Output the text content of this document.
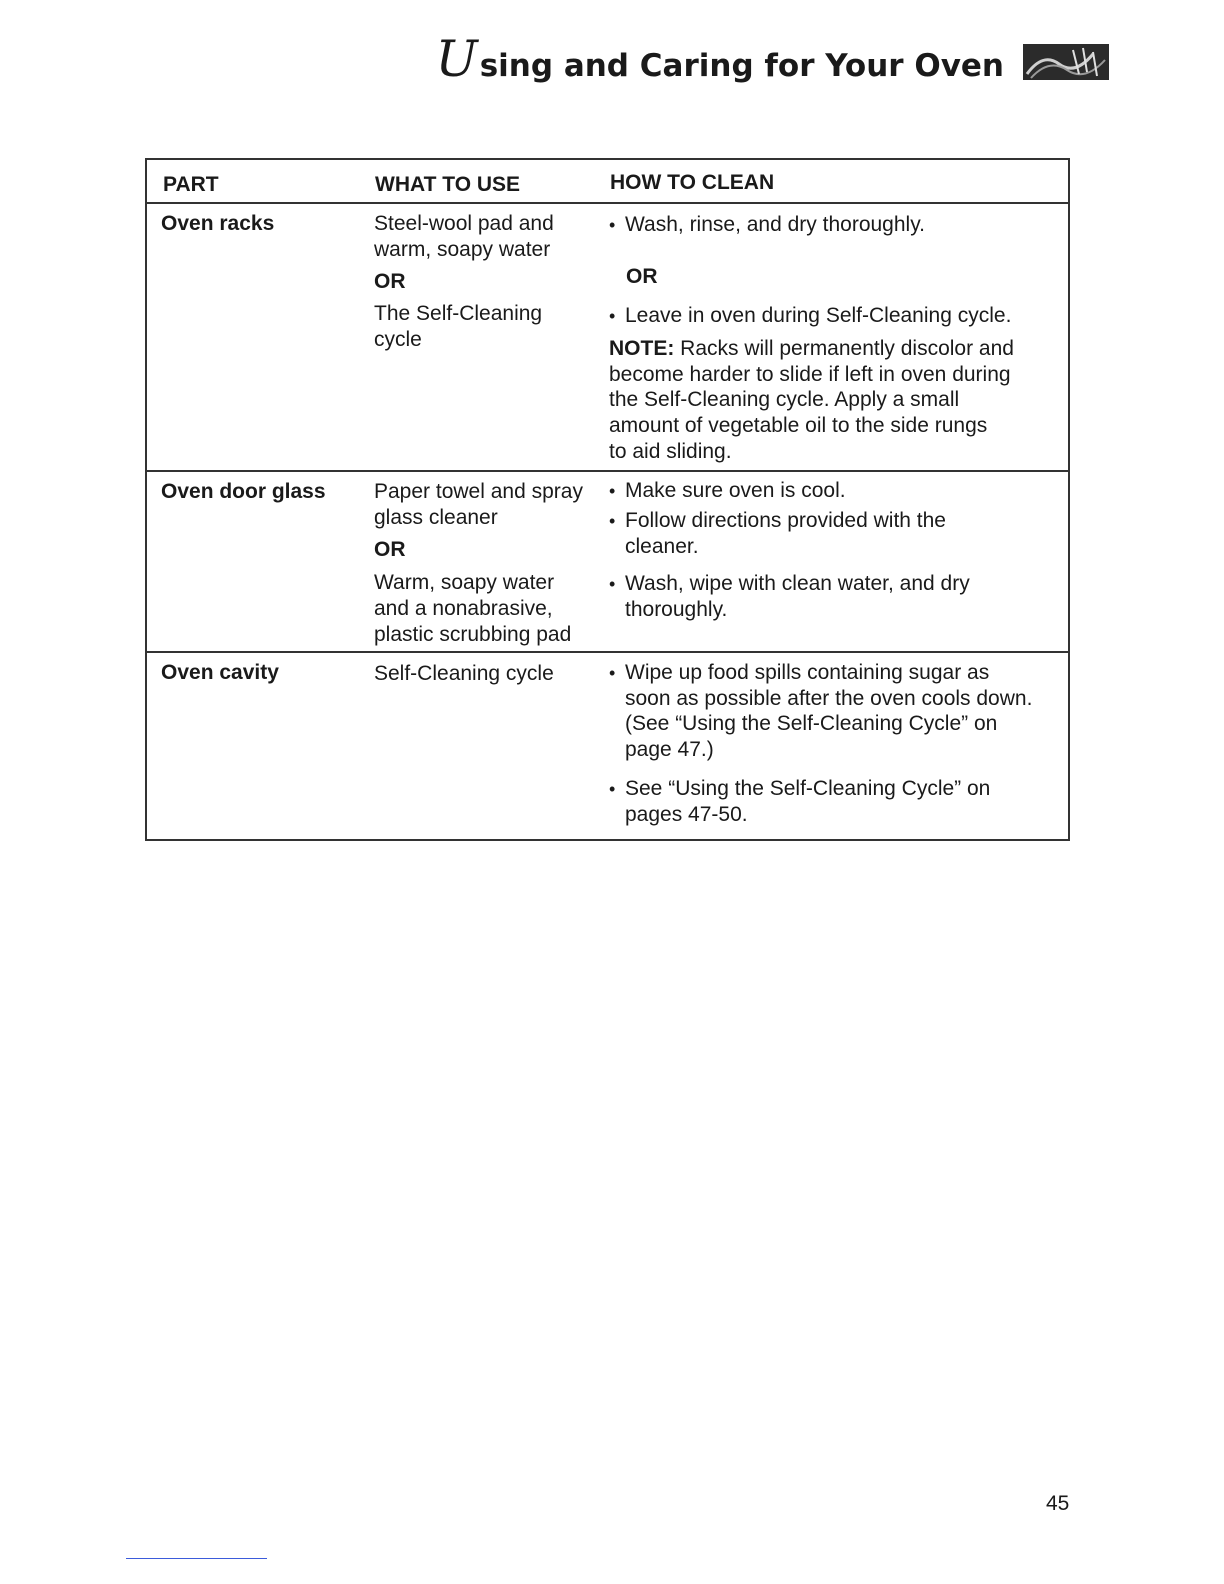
U sing and Caring for Your Oven
PART	WHAT TO USE	HOW TO CLEAN
Oven racks	Steel-wool pad and
warm, soapy water
OR
The Self-Cleaning
cycle
• Wash, rinse, and dry thoroughly.
OR
• Leave in oven during Self-Cleaning cycle.
NOTE: Racks will permanently discolor and
become harder to slide if left in oven during
the Self-Cleaning cycle. Apply a small
amount of vegetable oil to the side rungs
to aid sliding.
Oven door glass Paper towel and spray
glass cleaner
OR
Warm, soapy water
and a nonabrasive,
plastic scrubbing pad
• Make sure oven is cool.
• Follow directions provided with the
cleaner.
• Wash, wipe with clean water, and dry
thoroughly.
Oven cavity	Self-Cleaning cycle
•	Wipe up food spills containing sugar as
soon as possible after the oven cools down.
(See “Using the Self-Cleaning Cycle” on
page 47.)
• See “Using the Self-Cleaning Cycle” on
pages 47-50.
45
